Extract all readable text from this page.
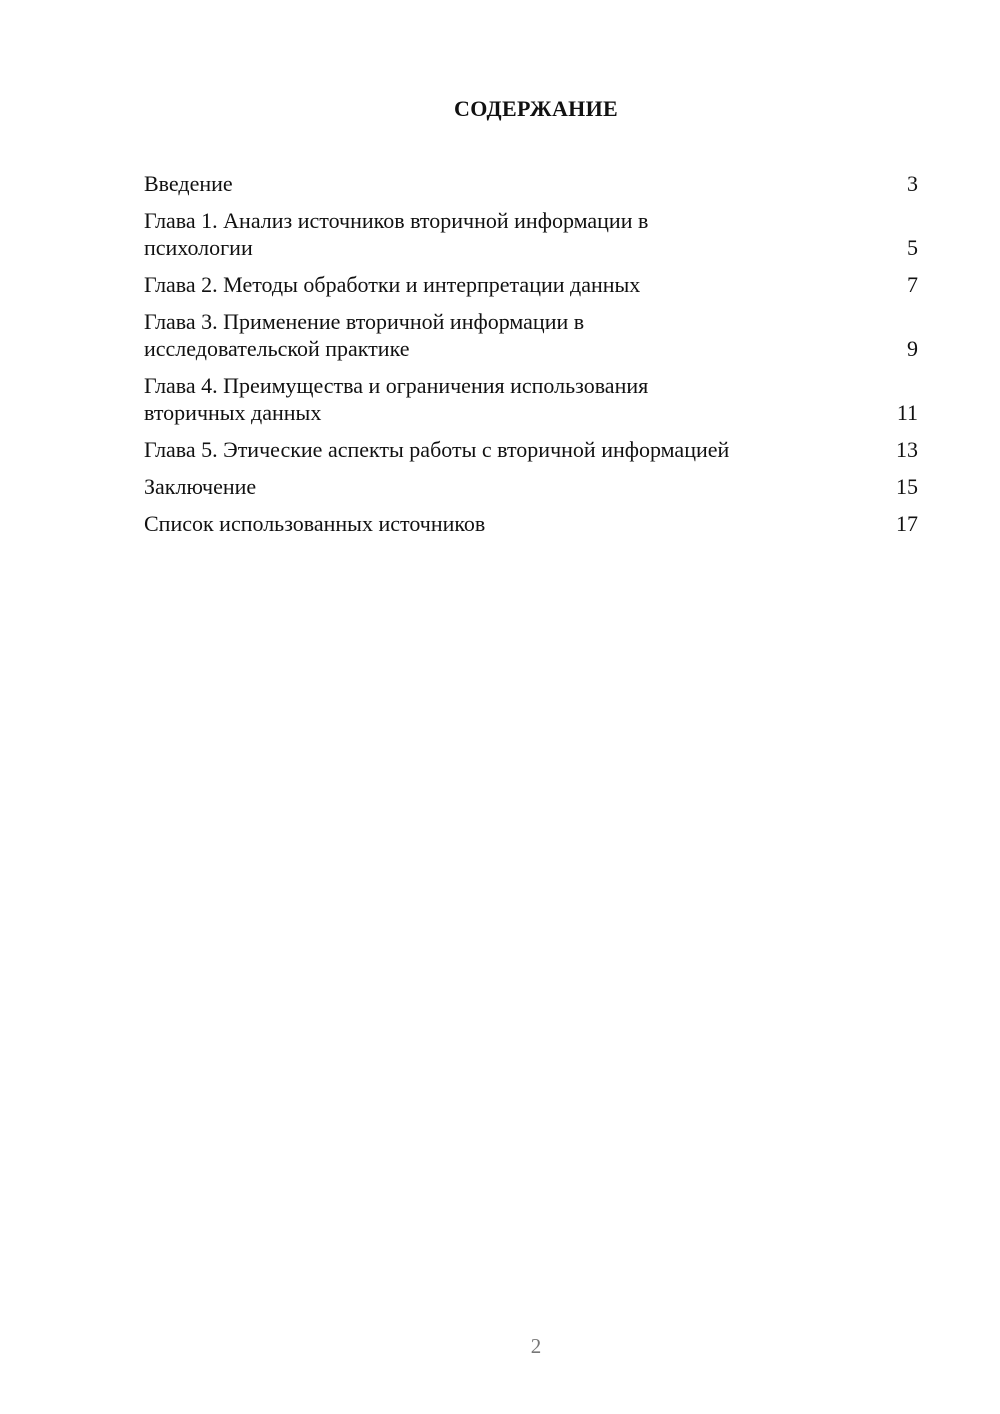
СОДЕРЖАНИЕ
Введение	3
Глава 1. Анализ источников вторичной информации в психологии	5
Глава 2. Методы обработки и интерпретации данных	7
Глава 3. Применение вторичной информации в исследовательской практике	9
Глава 4. Преимущества и ограничения использования вторичных данных	11
Глава 5. Этические аспекты работы с вторичной информацией	13
Заключение	15
Список использованных источников	17
2
